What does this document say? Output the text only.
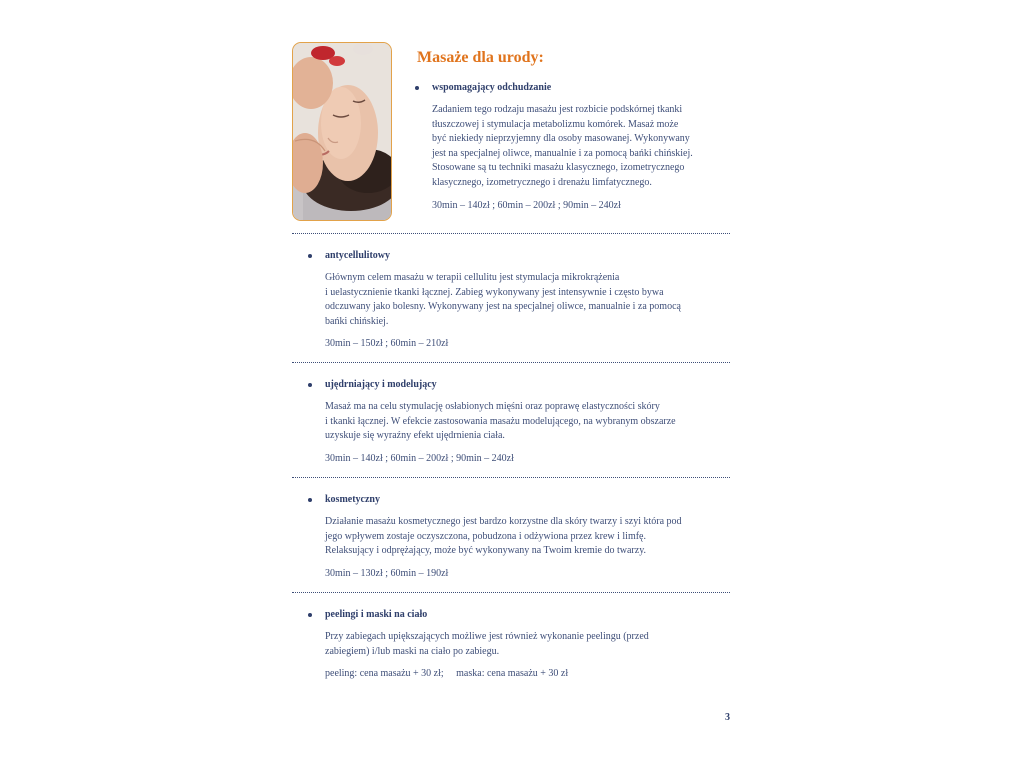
Masaże dla urody:
wspomagający odchudzanie
Zadaniem tego rodzaju masażu jest rozbicie podskórnej tkanki
tłuszczowej i stymulacja metabolizmu komórek. Masaż może
być niekiedy nieprzyjemny dla osoby masowanej. Wykonywany
jest na specjalnej oliwce, manualnie i za pomocą bańki chińskiej.
Stosowane są tu techniki masażu klasycznego, izometrycznego
klasycznego, izometrycznego i drenażu limfatycznego.
30min – 140zł ; 60min – 200zł ; 90min – 240zł
antycellulitowy
Głównym celem masażu w terapii cellulitu jest stymulacja mikrokrążenia
i uelastycznienie tkanki łącznej. Zabieg wykonywany jest intensywnie i często bywa
odczuwany jako bolesny. Wykonywany jest na specjalnej oliwce, manualnie i za pomocą
bańki chińskiej.
30min – 150zł ; 60min – 210zł
ujędrniający i modelujący
Masaż ma na celu stymulację osłabionych mięśni oraz poprawę elastyczności skóry
i tkanki łącznej. W efekcie zastosowania masażu modelującego, na wybranym obszarze
uzyskuje się wyraźny efekt ujędrnienia ciała.
30min – 140zł ; 60min – 200zł ; 90min – 240zł
kosmetyczny
Działanie masażu kosmetycznego jest bardzo korzystne dla skóry twarzy i szyi która pod
jego wpływem zostaje oczyszczona, pobudzona i odżywiona przez krew i limfę.
Relaksujący i odprężający, może być wykonywany na Twoim kremie do twarzy.
30min – 130zł ; 60min – 190zł
peelingi i maski na ciało
Przy zabiegach upiększających możliwe jest również wykonanie peelingu (przed
zabiegiem) i/lub maski na ciało po zabiegu.
peeling: cena masażu + 30 zł;     maska: cena masażu + 30 zł
3
